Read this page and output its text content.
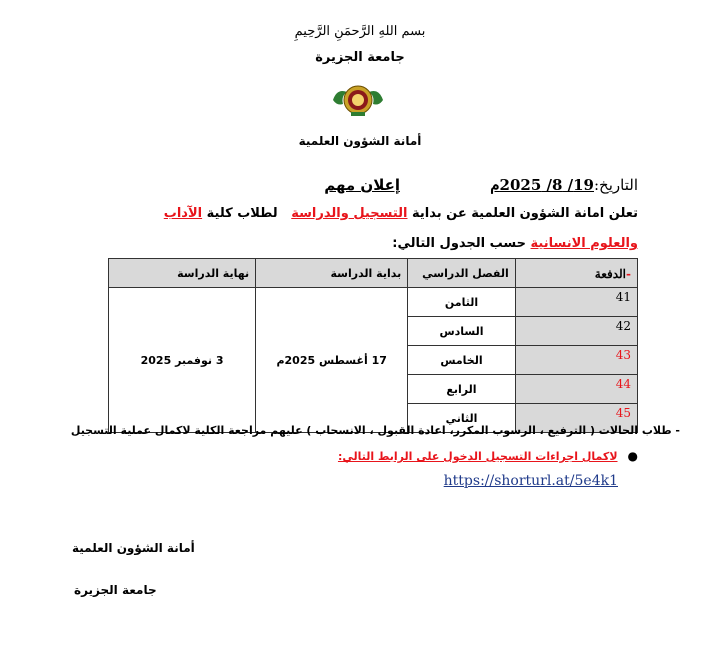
بسم اللهِ الرَّحمَنِ الرَّحِيمِ
جامعة الجزيرة
أمانة الشؤون العلمية
التاريخ:19/ 8/ 2025م
إعلان مهم
تعلن امانة الشؤون العلمية عن بداية التسجيل والدراسة   لطلاب كلية الآداب
والعلوم الانسانية حسب الجدول التالي:
-الدفعة	الفصل الدراسي	بداية الدراسة	نهاية الدراسة
41	الثامن	17 أغسطس 2025م	3 نوفمبر 2025
42	السادس		
43	الخامس		
44	الرابع		
45	الثاني		
- طلاب الحالات ( الترفيع ، الرسوب المكرر، اعادة القبول ، الانسحاب ) عليهم مراجعة الكلية لاكمال عملية التسجيل
●لاكمال اجراءات التسجيل الدخول على الرابط التالي:
https://shorturl.at/5e4k1
أمانة الشؤون العلمية
جامعة الجزيرة
